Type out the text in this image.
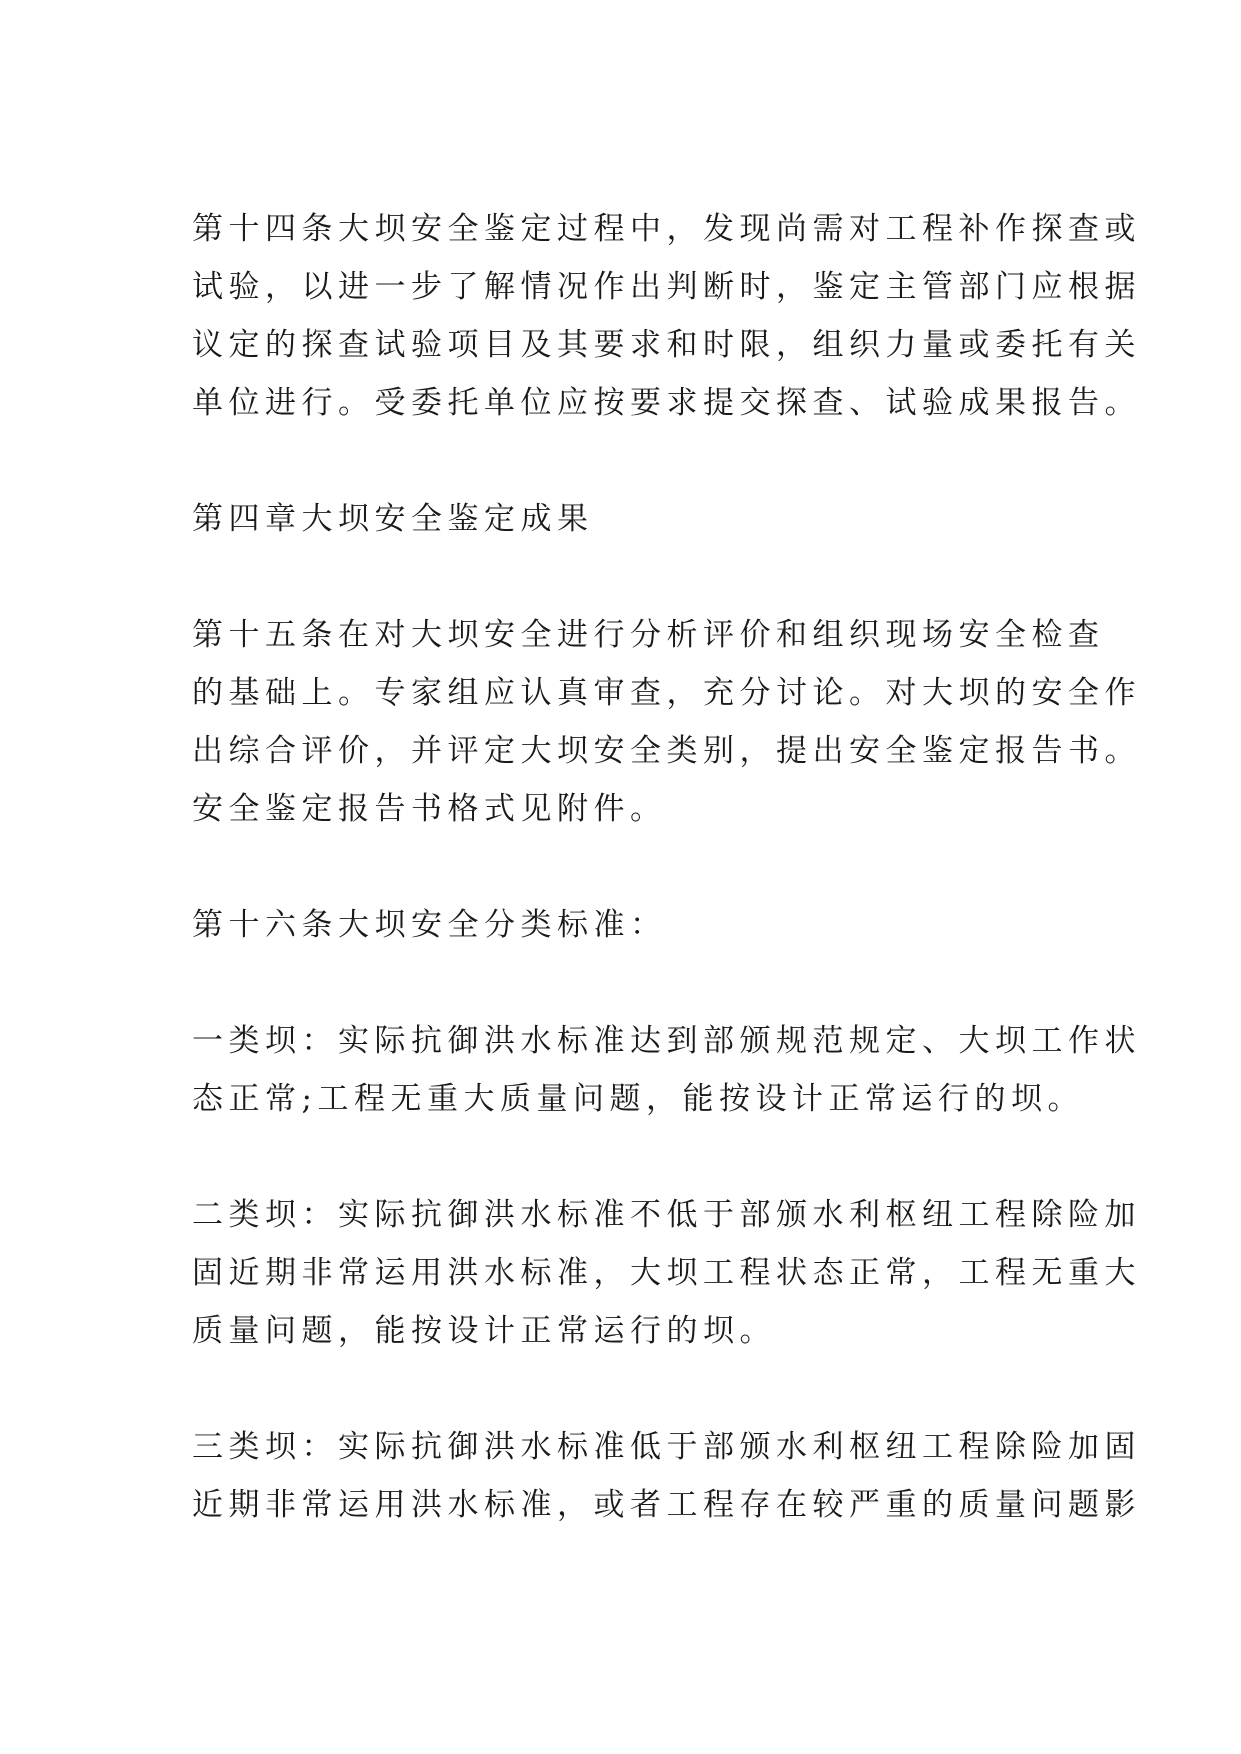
第十四条大坝安全鉴定过程中，发现尚需对工程补作探查或
试验，以进一步了解情况作出判断时，鉴定主管部门应根据
议定的探查试验项目及其要求和时限，组织力量或委托有关
单位进行。受委托单位应按要求提交探查、试验成果报告。
第四章大坝安全鉴定成果
第十五条在对大坝安全进行分析评价和组织现场安全检查
的基础上。专家组应认真审查，充分讨论。对大坝的安全作
出综合评价，并评定大坝安全类别，提出安全鉴定报告书。
安全鉴定报告书格式见附件。
第十六条大坝安全分类标准：
一类坝：实际抗御洪水标准达到部颁规范规定、大坝工作状
态正常;工程无重大质量问题，能按设计正常运行的坝。
二类坝：实际抗御洪水标准不低于部颁水利枢纽工程除险加
固近期非常运用洪水标准，大坝工程状态正常，工程无重大
质量问题，能按设计正常运行的坝。
三类坝：实际抗御洪水标准低于部颁水利枢纽工程除险加固
近期非常运用洪水标准，或者工程存在较严重的质量问题影
